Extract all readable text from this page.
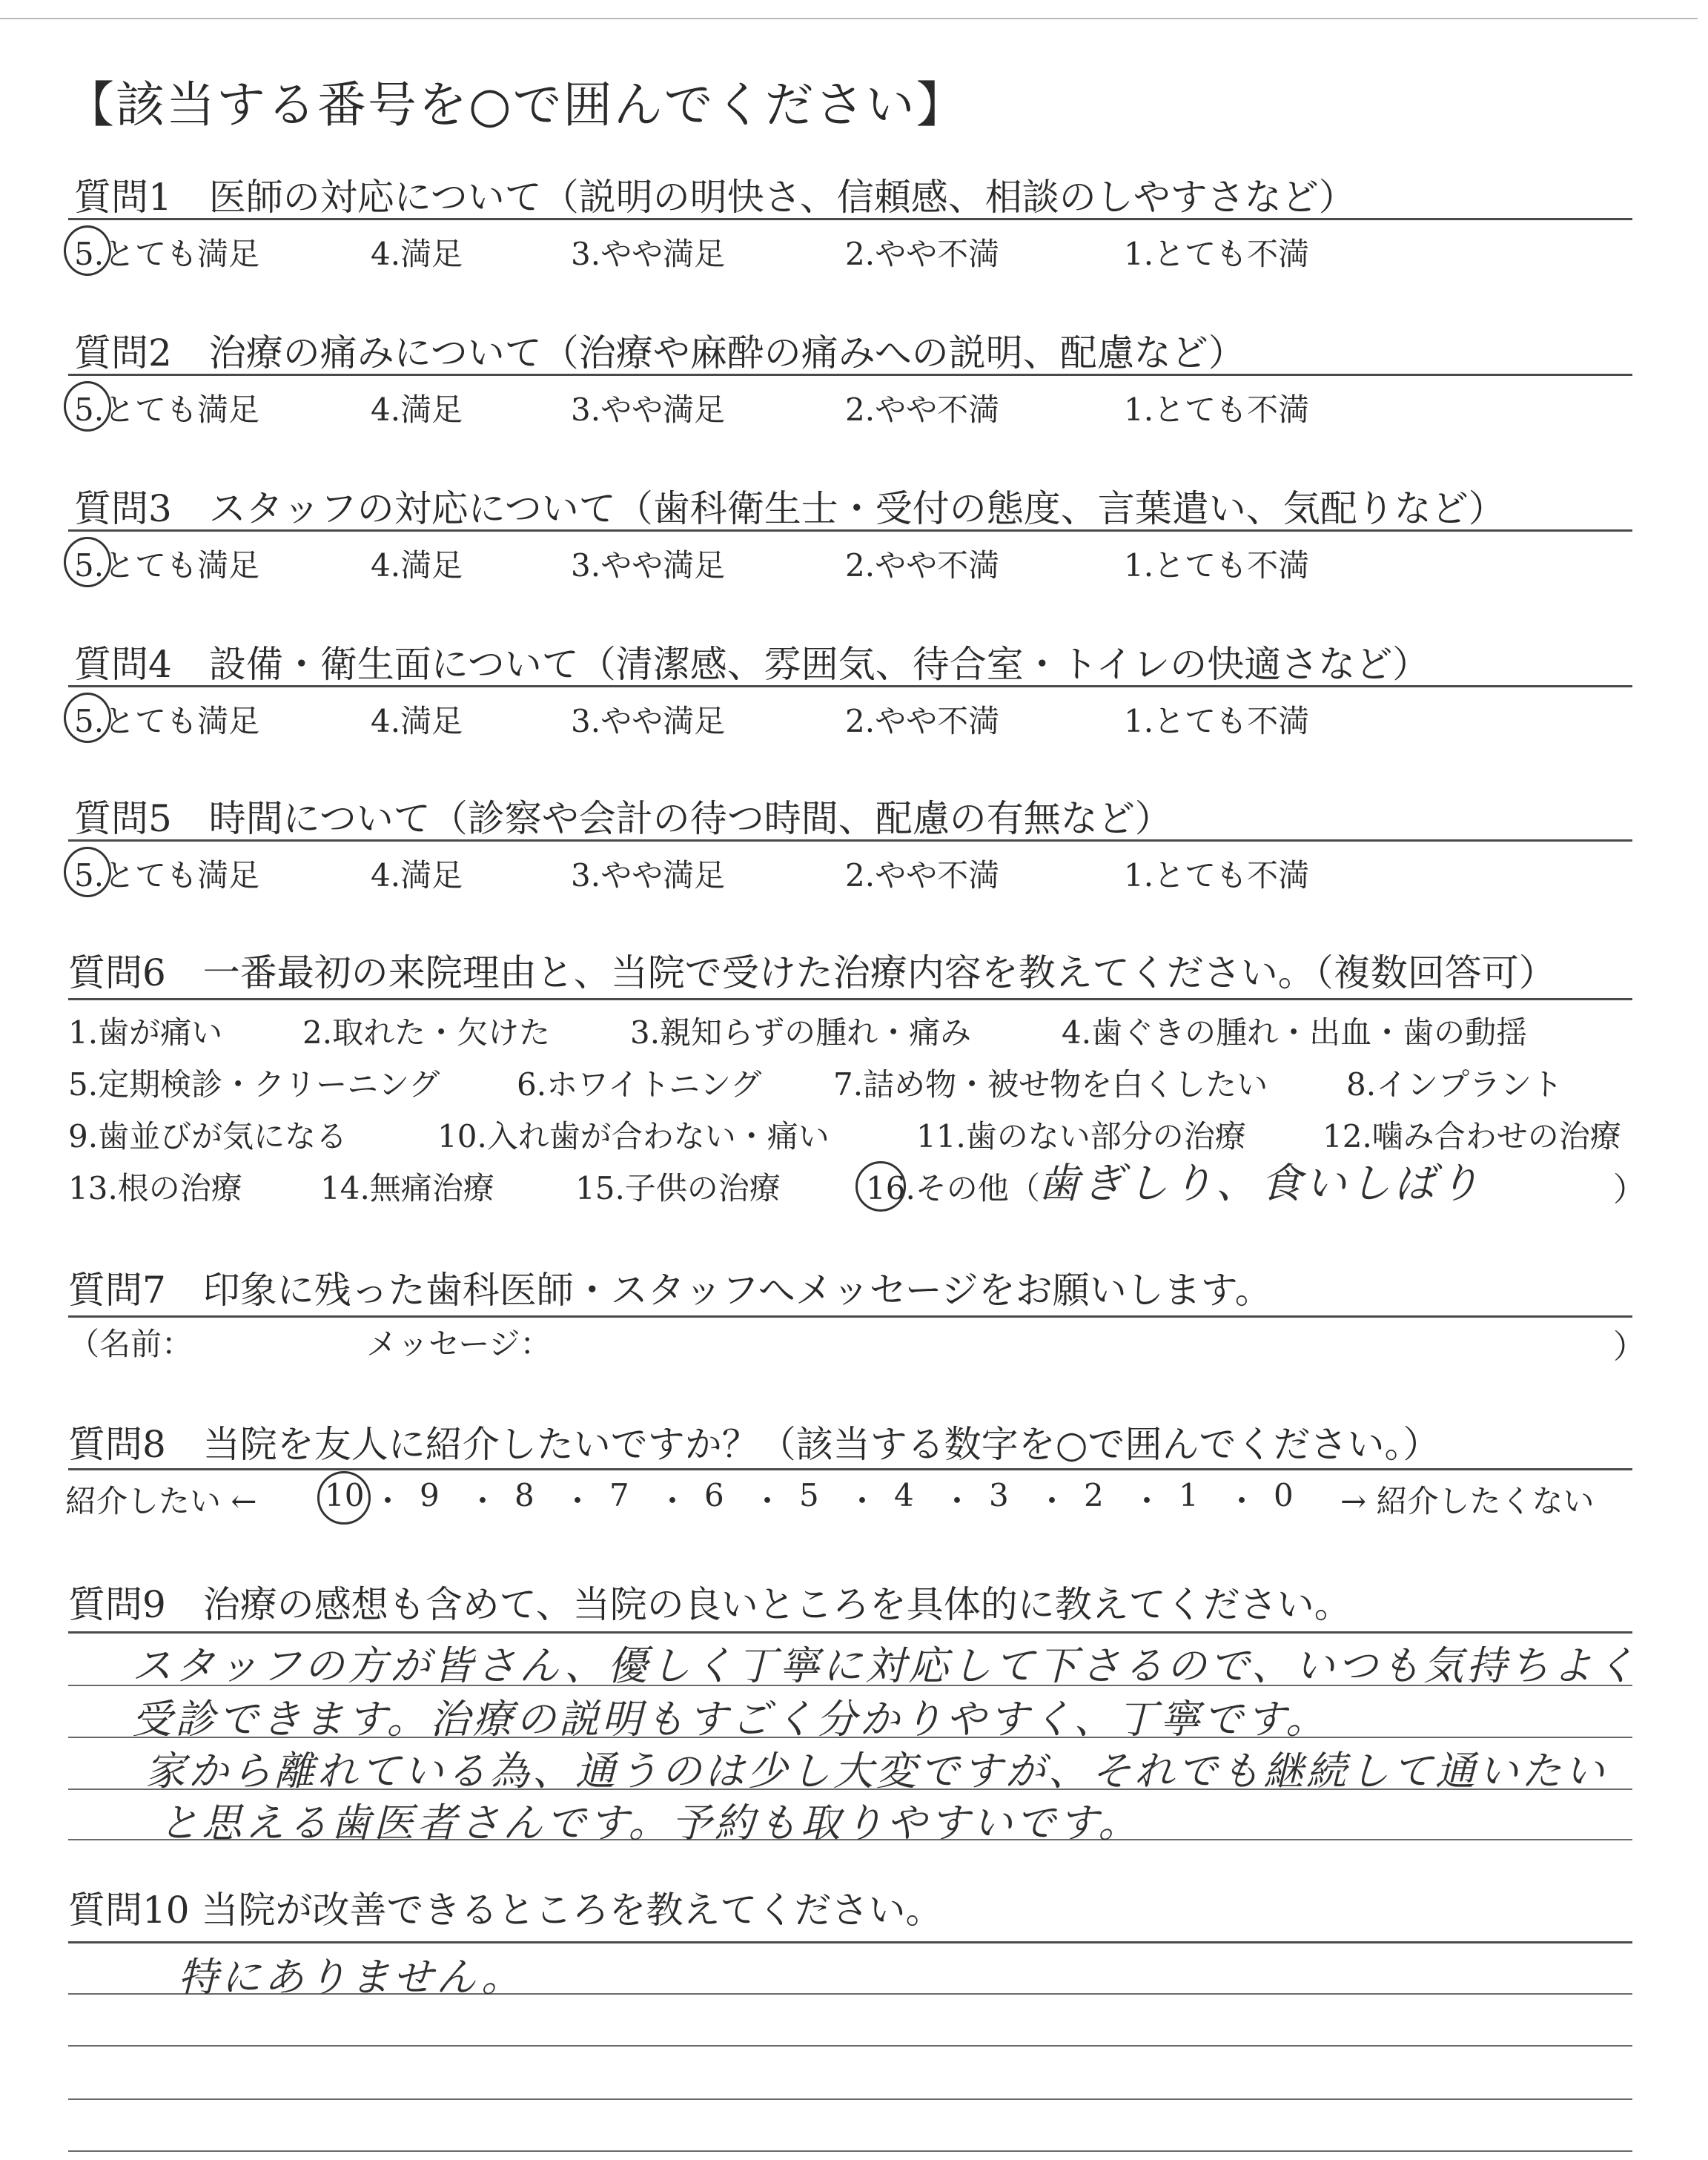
【該当する番号を○で囲んでください】
質問1　医師の対応について（説明の明快さ、信頼感、相談のしやすさなど）
5.とても満足	4.満足	3.やや満足	2.やや不満	1.とても不満
質問2　治療の痛みについて（治療や麻酔の痛みへの説明、配慮など）
5.とても満足	4.満足	3.やや満足	2.やや不満	1.とても不満
質問3　スタッフの対応について（歯科衛生士・受付の態度、言葉遣い、気配りなど）
5.とても満足	4.満足	3.やや満足	2.やや不満	1.とても不満
質問4　設備・衛生面について（清潔感、雰囲気、待合室・トイレの快適さなど）
5.とても満足	4.満足	3.やや満足	2.やや不満	1.とても不満
質問5　時間について（診察や会計の待つ時間、配慮の有無など）
5.とても満足	4.満足	3.やや満足	2.やや不満	1.とても不満
質問6　一番最初の来院理由と、当院で受けた治療内容を教えてください。（複数回答可）
1.歯が痛い	2.取れた・欠けた	3.親知らずの腫れ・痛み	4.歯ぐきの腫れ・出血・歯の動揺
5.定期検診・クリーニング 6.ホワイトニング 7.詰め物・被せ物を白くしたい	8.インプラント
9.歯並びが気になる	10.入れ歯が合わない・痛い	11.歯のない部分の治療 12.噛み合わせの治療
13.根の治療	14.無痛治療	15.子供の治療	16.その他（
歯ぎしり、食いしばり	）
質問7　印象に残った歯科医師・スタッフへメッセージをお願いします。
（名前：	メッセージ：	）
質問8　当院を友人に紹介したいですか？（該当する数字を○で囲んでください。）
紹介したい ← 10 ・ 9 ・ 8 ・ 7 ・ 6 ・ 5 ・ 4 ・ 3 ・ 2 ・ 1 ・ 0 → 紹介したくない
質問9　治療の感想も含めて、当院の良いところを具体的に教えてください。
スタッフの方が皆さん、優しく丁寧に対応して下さるので、いつも気持ちよく
受診できます。治療の説明もすごく分かりやすく、丁寧です。
家から離れている為、通うのは少し大変ですが、それでも継続して通いたい
と思える歯医者さんです。予約も取りやすいです。
質問10 当院が改善できるところを教えてください。
特にありません。
